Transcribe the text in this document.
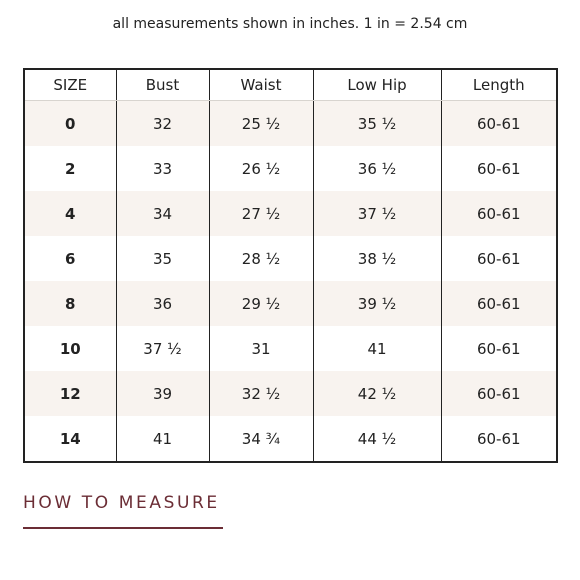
all measurements shown in inches. 1 in = 2.54 cm
SIZE	Bust	Waist	Low Hip	Length
0	32	25 ½	35 ½	60-61
2	33	26 ½	36 ½	60-61
4	34	27 ½	37 ½	60-61
6	35	28 ½	38 ½	60-61
8	36	29 ½	39 ½	60-61
10	37 ½	31	41	60-61
12	39	32 ½	42 ½	60-61
14	41	34 ¾	44 ½	60-61
HOW TO MEASURE
